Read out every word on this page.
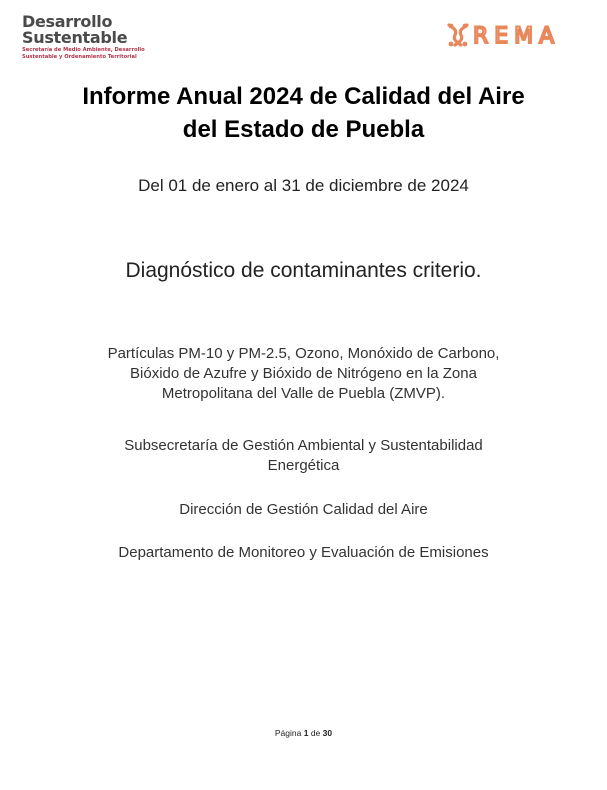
Desarrollo
Sustentable
Secretaría de Medio Ambiente, Desarrollo
Sustentable y Ordenamiento Territorial
REMA
Informe Anual 2024 de Calidad del Aire
del Estado de Puebla
Del 01 de enero al 31 de diciembre de 2024
Diagnóstico de contaminantes criterio.
Partículas PM-10 y PM-2.5, Ozono, Monóxido de Carbono,
Bióxido de Azufre y Bióxido de Nitrógeno en la Zona
Metropolitana del Valle de Puebla (ZMVP).
Subsecretaría de Gestión Ambiental y Sustentabilidad
Energética
Dirección de Gestión Calidad del Aire
Departamento de Monitoreo y Evaluación de Emisiones
Página 1 de 30
